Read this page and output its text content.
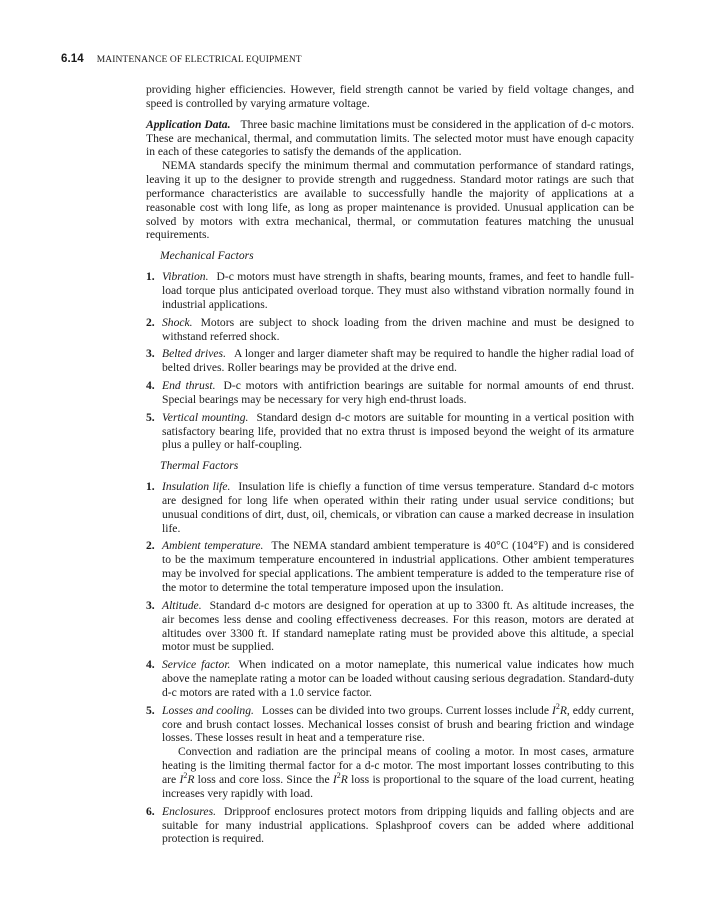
6.14 MAINTENANCE OF ELECTRICAL EQUIPMENT

providing higher efficiencies. However, field strength cannot be varied by field voltage changes, and speed is controlled by varying armature voltage.

Application Data. Three basic machine limitations must be considered in the application of d-c motors. These are mechanical, thermal, and commutation limits. The selected motor must have enough capacity in each of these categories to satisfy the demands of the application.

NEMA standards specify the minimum thermal and commutation performance of standard ratings, leaving it up to the designer to provide strength and ruggedness. Standard motor ratings are such that performance characteristics are available to successfully handle the majority of applications at a reasonable cost with long life, as long as proper maintenance is provided. Unusual application can be solved by motors with extra mechanical, thermal, or commutation features matching the unusual requirements.

Mechanical Factors

1. Vibration. D-c motors must have strength in shafts, bearing mounts, frames, and feet to handle full-load torque plus anticipated overload torque. They must also withstand vibration normally found in industrial applications.
2. Shock. Motors are subject to shock loading from the driven machine and must be designed to withstand referred shock.
3. Belted drives. A longer and larger diameter shaft may be required to handle the higher radial load of belted drives. Roller bearings may be provided at the drive end.
4. End thrust. D-c motors with antifriction bearings are suitable for normal amounts of end thrust. Special bearings may be necessary for very high end-thrust loads.
5. Vertical mounting. Standard design d-c motors are suitable for mounting in a vertical position with satisfactory bearing life, provided that no extra thrust is imposed beyond the weight of its armature plus a pulley or half-coupling.

Thermal Factors

1. Insulation life. Insulation life is chiefly a function of time versus temperature. Standard d-c motors are designed for long life when operated within their rating under usual service conditions; but unusual conditions of dirt, dust, oil, chemicals, or vibration can cause a marked decrease in insulation life.
2. Ambient temperature. The NEMA standard ambient temperature is 40°C (104°F) and is considered to be the maximum temperature encountered in industrial applications. Other ambient temperatures may be involved for special applications. The ambient temperature is added to the temperature rise of the motor to determine the total temperature imposed upon the insulation.
3. Altitude. Standard d-c motors are designed for operation at up to 3300 ft. As altitude increases, the air becomes less dense and cooling effectiveness decreases. For this reason, motors are derated at altitudes over 3300 ft. If standard nameplate rating must be provided above this altitude, a special motor must be supplied.
4. Service factor. When indicated on a motor nameplate, this numerical value indicates how much above the nameplate rating a motor can be loaded without causing serious degradation. Standard-duty d-c motors are rated with a 1.0 service factor.
5. Losses and cooling. Losses can be divided into two groups. Current losses include $I^2R$, eddy current, core and brush contact losses. Mechanical losses consist of brush and bearing friction and windage losses. These losses result in heat and a temperature rise.
Convection and radiation are the principal means of cooling a motor. In most cases, armature heating is the limiting thermal factor for a d-c motor. The most important losses contributing to this are $I^2R$ loss and core loss. Since the $I^2R$ loss is proportional to the square of the load current, heating increases very rapidly with load.
6. Enclosures. Dripproof enclosures protect motors from dripping liquids and falling objects and are suitable for many industrial applications. Splashproof covers can be added where additional protection is required.
